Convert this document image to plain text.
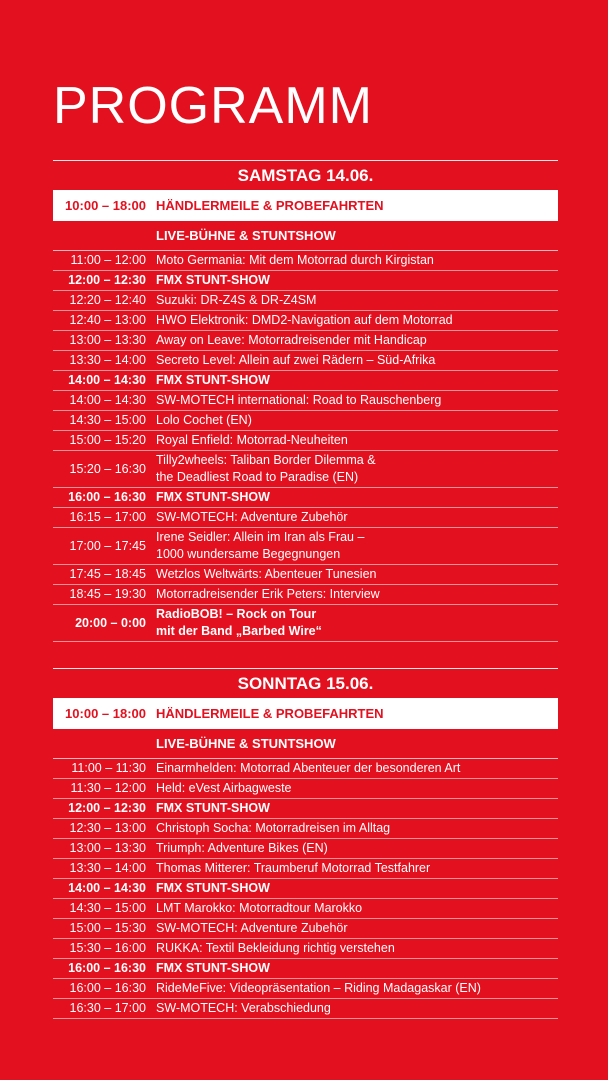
PROGRAMM
SAMSTAG 14.06.
10:00 – 18:00 HÄNDLERMEILE & PROBEFAHRTEN
LIVE-BÜHNE & STUNTSHOW
11:00 – 12:00 Moto Germania: Mit dem Motorrad durch Kirgistan
12:00 – 12:30 FMX STUNT-SHOW
12:20 – 12:40 Suzuki: DR-Z4S & DR-Z4SM
12:40 – 13:00 HWO Elektronik: DMD2-Navigation auf dem Motorrad
13:00 – 13:30 Away on Leave: Motorradreisender mit Handicap
13:30 – 14:00 Secreto Level: Allein auf zwei Rädern – Süd-Afrika
14:00 – 14:30 FMX STUNT-SHOW
14:00 – 14:30 SW-MOTECH international: Road to Rauschenberg
14:30 – 15:00 Lolo Cochet (EN)
15:00 – 15:20 Royal Enfield: Motorrad-Neuheiten
15:20 – 16:30
Tilly2wheels: Taliban Border Dilemma &
the Deadliest Road to Paradise (EN)
16:00 – 16:30 FMX STUNT-SHOW
16:15 – 17:00 SW-MOTECH: Adventure Zubehör
17:00 – 17:45
Irene Seidler: Allein im Iran als Frau –
1000 wundersame Begegnungen
17:45 – 18:45 Wetzlos Weltwärts: Abenteuer Tunesien
18:45 – 19:30 Motorradreisender Erik Peters: Interview
20:00 – 0:00
RadioBOB! – Rock on Tour
mit der Band „Barbed Wire“
SONNTAG 15.06.
10:00 – 18:00 HÄNDLERMEILE & PROBEFAHRTEN
LIVE-BÜHNE & STUNTSHOW
11:00 – 11:30 Einarmhelden: Motorrad Abenteuer der besonderen Art
11:30 – 12:00 Held: eVest Airbagweste
12:00 – 12:30 FMX STUNT-SHOW
12:30 – 13:00 Christoph Socha: Motorradreisen im Alltag
13:00 – 13:30 Triumph: Adventure Bikes (EN)
13:30 – 14:00 Thomas Mitterer: Traumberuf Motorrad Testfahrer
14:00 – 14:30 FMX STUNT-SHOW
14:30 – 15:00 LMT Marokko: Motorradtour Marokko
15:00 – 15:30 SW-MOTECH: Adventure Zubehör
15:30 – 16:00 RUKKA: Textil Bekleidung richtig verstehen
16:00 – 16:30 FMX STUNT-SHOW
16:00 – 16:30 RideMeFive: Videopräsentation – Riding Madagaskar (EN)
16:30 – 17:00 SW-MOTECH: Verabschiedung
